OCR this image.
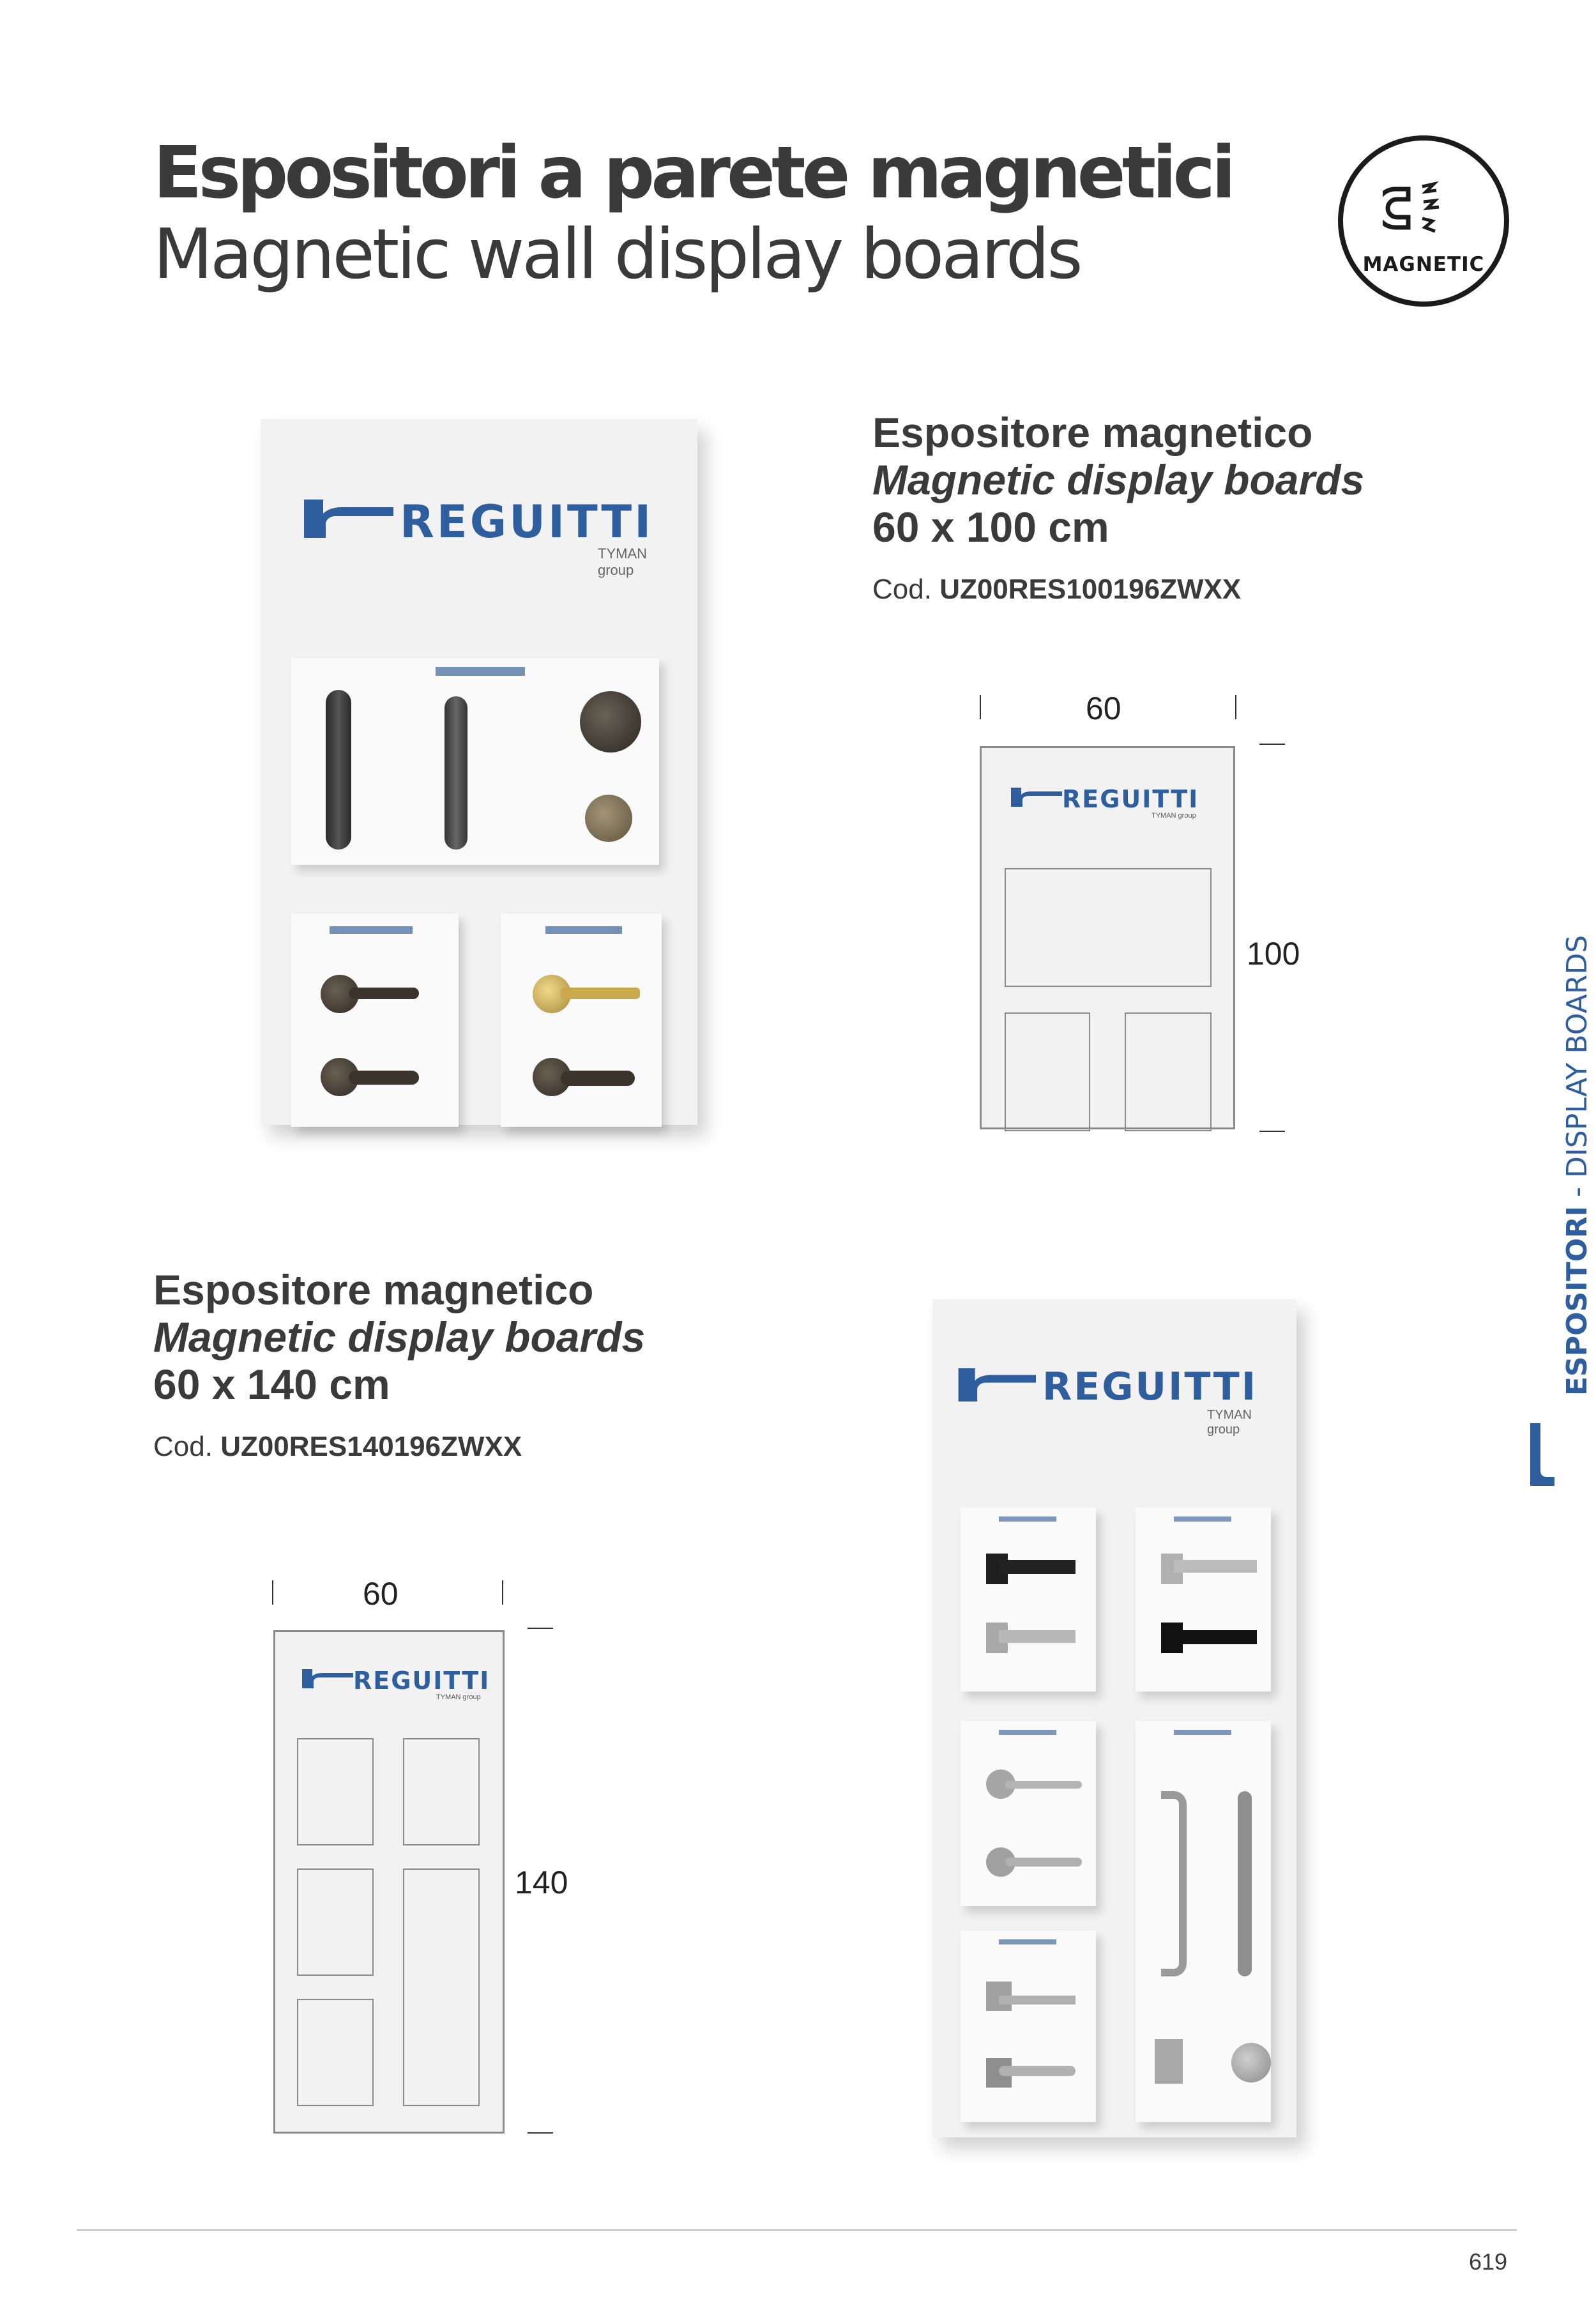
Espositori a parete magnetici
Magnetic wall display boards	MAGNETIC
ESPOSITORI - DISPLAY BOARDS
REGUITTI
TYMAN group
Espositore magnetico
Magnetic display boards
60 x 100 cm
Cod. UZ00RES100196ZWXX
60
100
REGUITTI
TYMAN group
Espositore magnetico
Magnetic display boards
60 x 140 cm
Cod. UZ00RES140196ZWXX
60
140
REGUITTI
TYMAN group
REGUITTI
TYMAN group
619
